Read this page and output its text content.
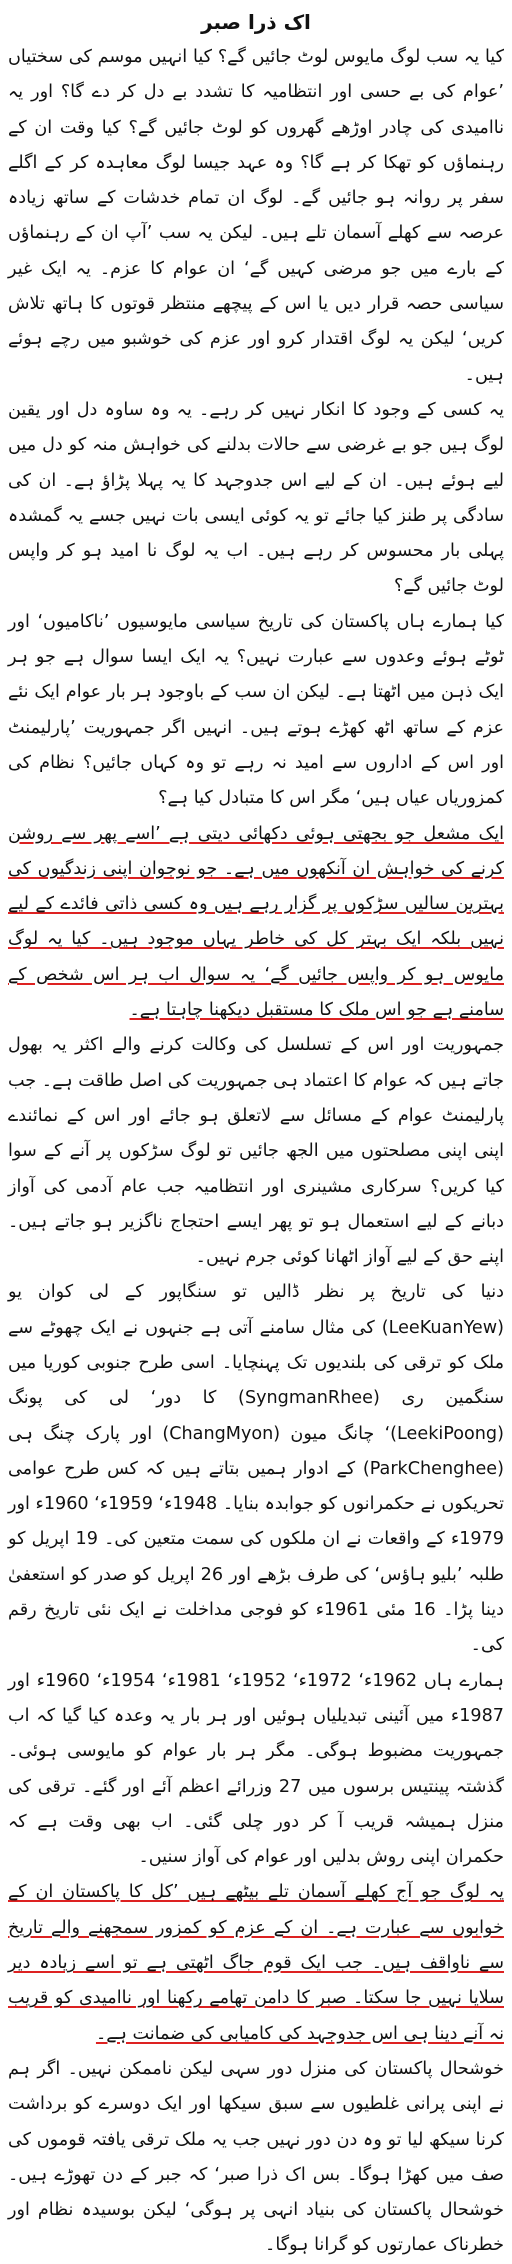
اک ذرا صبر

کیا یہ سب لوگ مایوس لوٹ جائیں گے؟ کیا انہیں موسم کی سختیاں ’عوام کی بے حسی اور انتظامیہ کا تشدد بے دل کر دے گا؟ اور یہ ناامیدی کی چادر اوڑھے گھروں کو لوٹ جائیں گے؟ کیا وقت ان کے رہنماؤں کو تھکا کر ہے گا؟ وہ عہد جیسا لوگ معاہدہ کر کے اگلے سفر پر روانہ ہو جائیں گے۔ لوگ ان تمام خدشات کے ساتھ زیادہ عرصہ سے کھلے آسمان تلے ہیں۔ لیکن یہ سب ’آپ ان کے رہنماؤں کے بارے میں جو مرضی کہیں گے‘ ان عوام کا عزم۔ یہ ایک غیر سیاسی حصہ قرار دیں یا اس کے پیچھے منتظر قوتوں کا ہاتھ تلاش کریں‘ لیکن یہ لوگ اقتدار کرو اور عزم کی خوشبو میں رچے ہوئے ہیں۔

یہ کسی کے وجود کا انکار نہیں کر رہے۔ یہ وہ ساوہ دل اور یقین لوگ ہیں جو بے غرضی سے حالات بدلنے کی خواہش منہ کو دل میں لیے ہوئے ہیں۔ ان کے لیے اس جدوجہد کا یہ پہلا پڑاؤ ہے۔ ان کی سادگی پر طنز کیا جائے تو یہ کوئی ایسی بات نہیں جسے یہ گمشدہ پہلی بار محسوس کر رہے ہیں۔ اب یہ لوگ نا امید ہو کر واپس لوٹ جائیں گے؟

کیا ہمارے ہاں پاکستان کی تاریخ سیاسی مایوسیوں ’ناکامیوں‘ اور ٹوٹے ہوئے وعدوں سے عبارت نہیں؟ یہ ایک ایسا سوال ہے جو ہر ایک ذہن میں اٹھتا ہے۔ لیکن ان سب کے باوجود ہر بار عوام ایک نئے عزم کے ساتھ اٹھ کھڑے ہوتے ہیں۔ انہیں اگر جمہوریت ’پارلیمنٹ اور اس کے اداروں سے امید نہ رہے تو وہ کہاں جائیں؟ نظام کی کمزوریاں عیاں ہیں‘ مگر اس کا متبادل کیا ہے؟

ایک مشعل جو بجھتی ہوئی دکھائی دیتی ہے ’اسے پھر سے روشن کرنے کی خواہش ان آنکھوں میں ہے۔ جو نوجوان اپنی زندگیوں کی بہترین سالیں سڑکوں پر گزار رہے ہیں وہ کسی ذاتی فائدے کے لیے نہیں بلکہ ایک بہتر کل کی خاطر یہاں موجود ہیں۔ کیا یہ لوگ مایوس ہو کر واپس جائیں گے‘ یہ سوال اب ہر اس شخص کے سامنے ہے جو اس ملک کا مستقبل دیکھنا چاہتا ہے۔

جمہوریت اور اس کے تسلسل کی وکالت کرنے والے اکثر یہ بھول جاتے ہیں کہ عوام کا اعتماد ہی جمہوریت کی اصل طاقت ہے۔ جب پارلیمنٹ عوام کے مسائل سے لاتعلق ہو جائے اور اس کے نمائندے اپنی اپنی مصلحتوں میں الجھ جائیں تو لوگ سڑکوں پر آنے کے سوا کیا کریں؟ سرکاری مشینری اور انتظامیہ جب عام آدمی کی آواز دبانے کے لیے استعمال ہو تو پھر ایسے احتجاج ناگزیر ہو جاتے ہیں۔ اپنے حق کے لیے آواز اٹھانا کوئی جرم نہیں۔

دنیا کی تاریخ پر نظر ڈالیں تو سنگاپور کے لی کوان یو (LeeKuanYew) کی مثال سامنے آتی ہے جنہوں نے ایک چھوٹے سے ملک کو ترقی کی بلندیوں تک پہنچایا۔ اسی طرح جنوبی کوریا میں سنگمین ری (SyngmanRhee) کا دور‘ لی کی پونگ (LeekiPoong)‘ چانگ میون (ChangMyon) اور پارک چنگ ہی (ParkChenghee) کے ادوار ہمیں بتاتے ہیں کہ کس طرح عوامی تحریکوں نے حکمرانوں کو جوابدہ بنایا۔ 1948ء‘ 1959ء‘ 1960ء اور 1979ء کے واقعات نے ان ملکوں کی سمت متعین کی۔ 19 اپریل کو طلبہ ’بلیو ہاؤس‘ کی طرف بڑھے اور 26 اپریل کو صدر کو استعفیٰ دینا پڑا۔ 16 مئی 1961ء کو فوجی مداخلت نے ایک نئی تاریخ رقم کی۔

ہمارے ہاں 1962ء‘ 1972ء‘ 1952ء‘ 1981ء‘ 1954ء‘ 1960ء اور 1987ء میں آئینی تبدیلیاں ہوئیں اور ہر بار یہ وعدہ کیا گیا کہ اب جمہوریت مضبوط ہوگی۔ مگر ہر بار عوام کو مایوسی ہوئی۔ گذشتہ پینتیس برسوں میں 27 وزرائے اعظم آئے اور گئے۔ ترقی کی منزل ہمیشہ قریب آ کر دور چلی گئی۔ اب بھی وقت ہے کہ حکمران اپنی روش بدلیں اور عوام کی آواز سنیں۔

یہ لوگ جو آج کھلے آسمان تلے بیٹھے ہیں ’کل کا پاکستان ان کے خوابوں سے عبارت ہے۔ ان کے عزم کو کمزور سمجھنے والے تاریخ سے ناواقف ہیں۔ جب ایک قوم جاگ اٹھتی ہے تو اسے زیادہ دیر سلایا نہیں جا سکتا۔ صبر کا دامن تھامے رکھنا اور ناامیدی کو قریب نہ آنے دینا ہی اس جدوجہد کی کامیابی کی ضمانت ہے۔

خوشحال پاکستان کی منزل دور سہی لیکن ناممکن نہیں۔ اگر ہم نے اپنی پرانی غلطیوں سے سبق سیکھا اور ایک دوسرے کو برداشت کرنا سیکھ لیا تو وہ دن دور نہیں جب یہ ملک ترقی یافتہ قوموں کی صف میں کھڑا ہوگا۔ بس اک ذرا صبر‘ کہ جبر کے دن تھوڑے ہیں۔ خوشحال پاکستان کی بنیاد انہی پر ہوگی‘ لیکن بوسیدہ نظام اور خطرناک عمارتوں کو گرانا ہوگا۔
